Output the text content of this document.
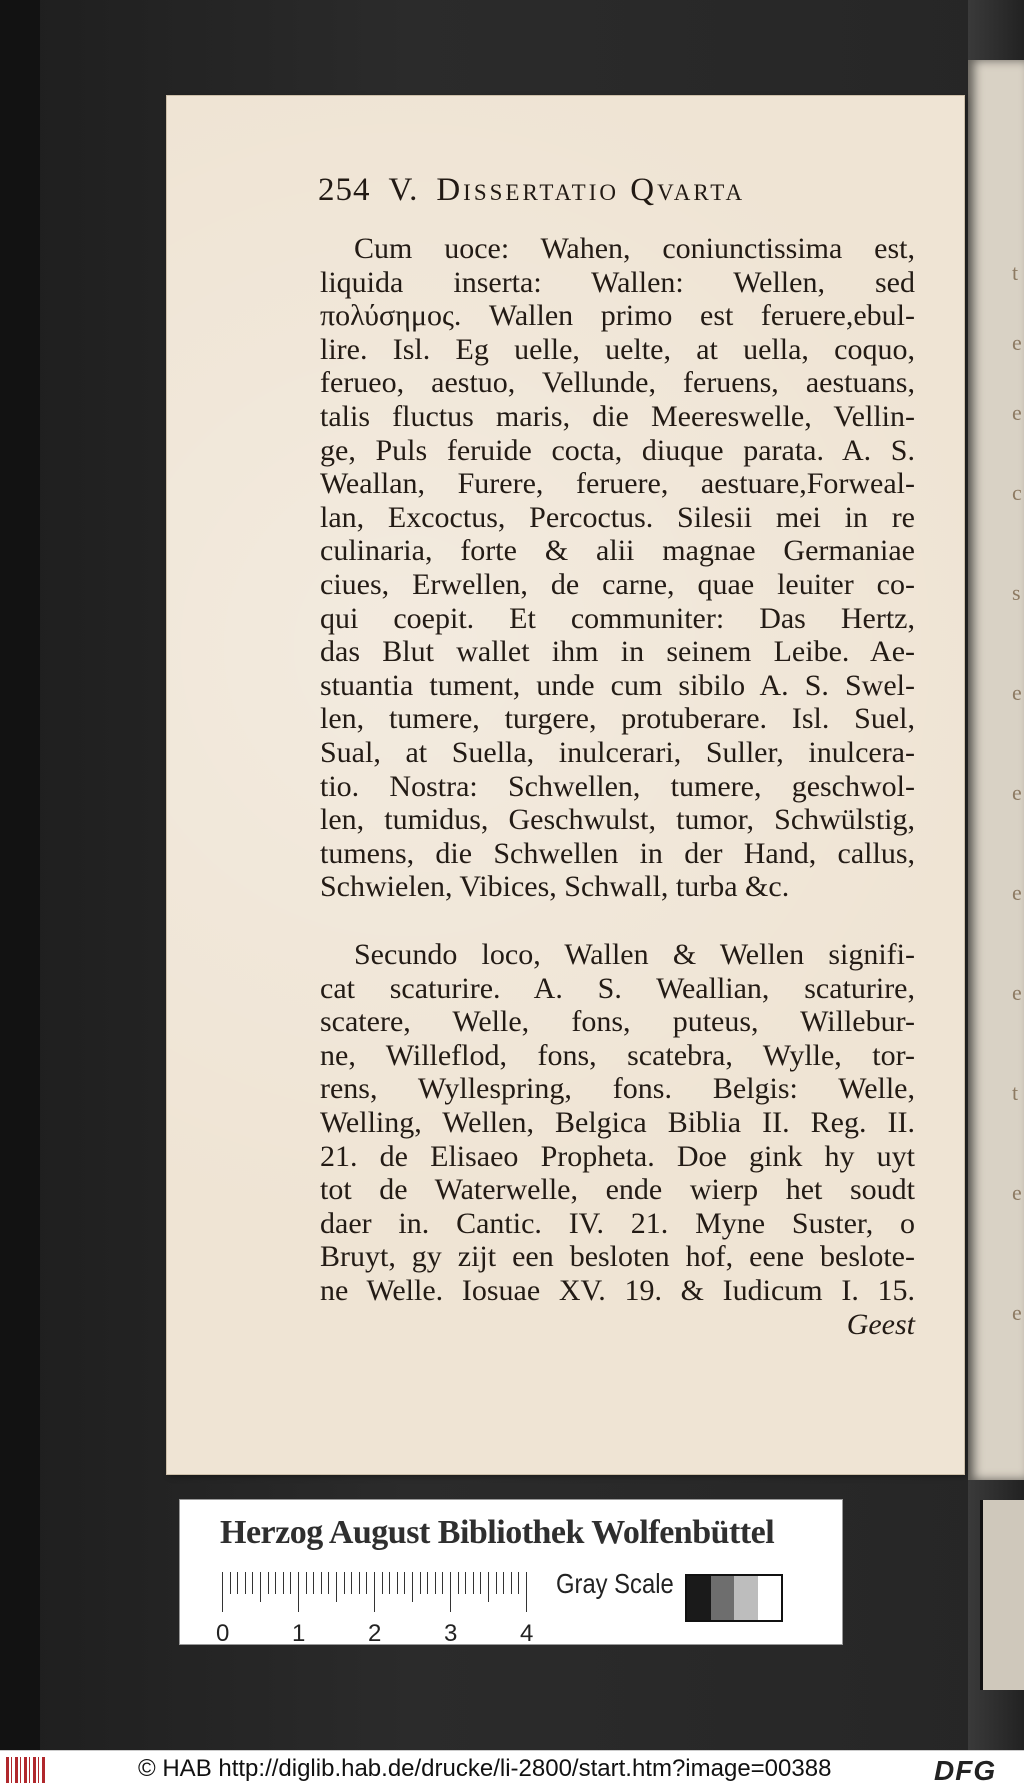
t
e
e
c
s
e
e
e
e
t
e
e
254 V. Dissertatio Qvarta
Cum uoce: Wahen, coniunctissima est,
liquida inserta: Wallen: Wellen, sed
πολύσημος. Wallen primo est feruere,ebul-
lire. Isl. Eg uelle, uelte, at uella, coquo,
ferueo, aestuo, Vellunde, feruens, aestuans,
talis fluctus maris, die Meereswelle, Vellin-
ge, Puls feruide cocta, diuque parata. A. S.
Weallan, Furere, feruere, aestuare,Forweal-
lan, Excoctus, Percoctus. Silesii mei in re
culinaria, forte & alii magnae Germaniae
ciues, Erwellen, de carne, quae leuiter co-
qui coepit. Et communiter: Das Hertz,
das Blut wallet ihm in seinem Leibe. Ae-
stuantia tument, unde cum sibilo A. S. Swel-
len, tumere, turgere, protuberare. Isl. Suel,
Sual, at Suella, inulcerari, Suller, inulcera-
tio. Nostra: Schwellen, tumere, geschwol-
len, tumidus, Geschwulst, tumor, Schwülstig,
tumens, die Schwellen in der Hand, callus,
Schwielen, Vibices, Schwall, turba &c.
Secundo loco, Wallen & Wellen signifi-
cat scaturire. A. S. Weallian, scaturire,
scatere, Welle, fons, puteus, Willebur-
ne, Willeflod, fons, scatebra, Wylle, tor-
rens, Wyllespring, fons. Belgis: Welle,
Welling, Wellen, Belgica Biblia II. Reg. II.
21. de Elisaeo Propheta. Doe gink hy uyt
tot de Waterwelle, ende wierp het soudt
daer in. Cantic. IV. 21. Myne Suster, o
Bruyt, gy zijt een besloten hof, eene beslote-
ne Welle. Iosuae XV. 19. & Iudicum I. 15.
Geest
Herzog August Bibliothek Wolfenbüttel
0	1	2	3	4
Gray Scale
© HAB http://diglib.hab.de/drucke/li-2800/start.htm?image=00388	DFG
